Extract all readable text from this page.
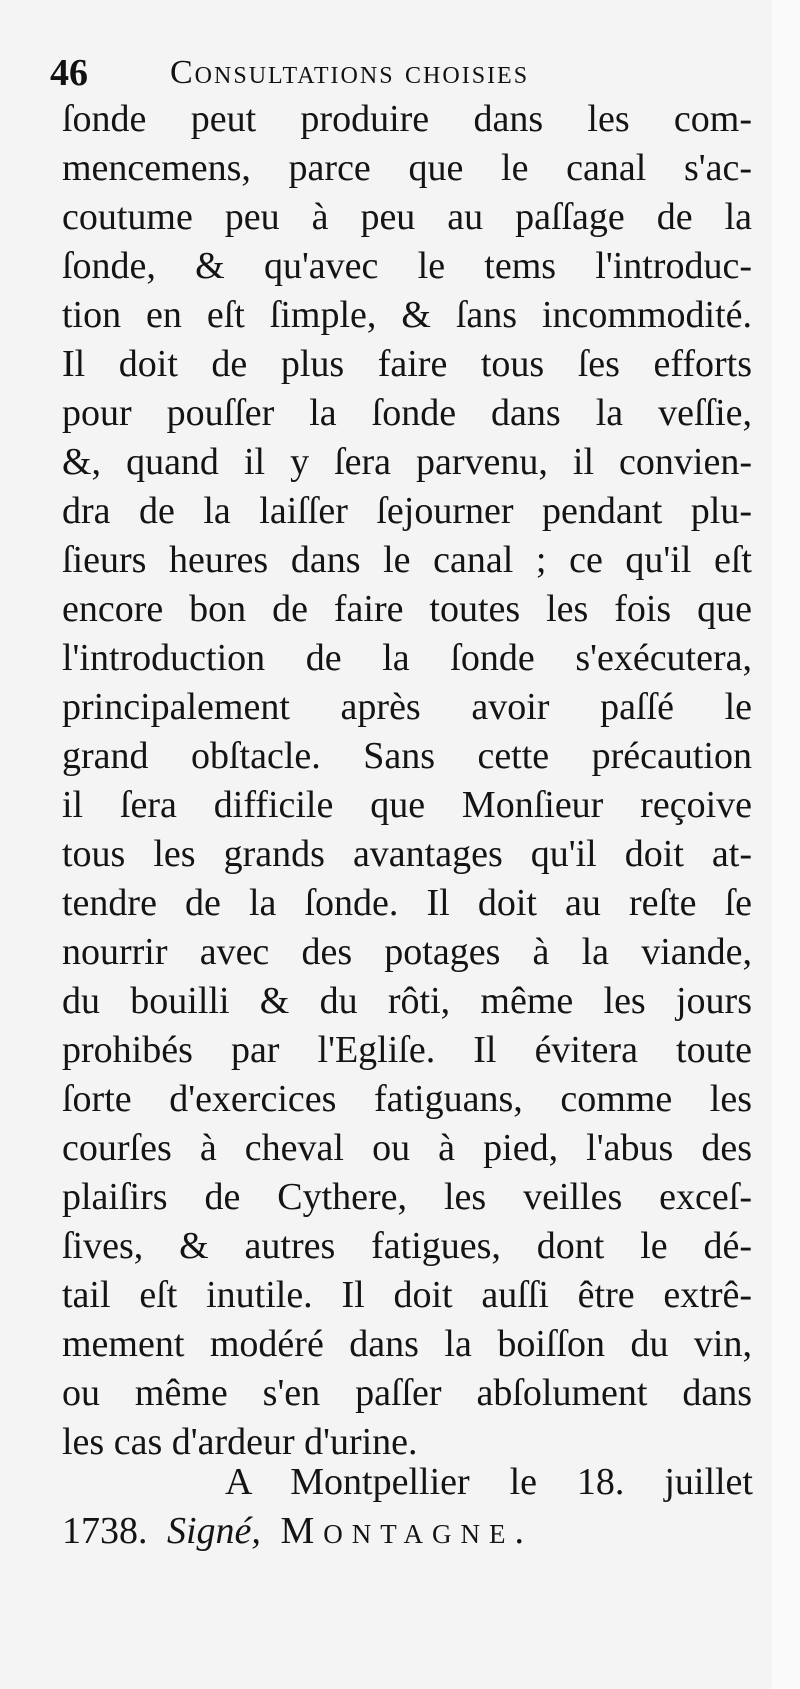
46 Consultations choisies
ſonde peut produire dans les com-
mencemens, parce que le canal s'ac-
coutume peu à peu au paſſage de la
ſonde, & qu'avec le tems l'introduc-
tion en eſt ſimple, & ſans incommodité.
Il doit de plus faire tous ſes efforts
pour pouſſer la ſonde dans la veſſie,
&, quand il y ſera parvenu, il convien-
dra de la laiſſer ſejourner pendant plu-
ſieurs heures dans le canal ; ce qu'il eſt
encore bon de faire toutes les fois que
l'introduction de la ſonde s'exécutera,
principalement après avoir paſſé le
grand obſtacle. Sans cette précaution
il ſera difficile que Monſieur reçoive
tous les grands avantages qu'il doit at-
tendre de la ſonde. Il doit au reſte ſe
nourrir avec des potages à la viande,
du bouilli & du rôti, même les jours
prohibés par l'Egliſe. Il évitera toute
ſorte d'exercices fatiguans, comme les
courſes à cheval ou à pied, l'abus des
plaiſirs de Cythere, les veilles exceſ-
ſives, & autres fatigues, dont le dé-
tail eſt inutile. Il doit auſſi être extrê-
mement modéré dans la boiſſon du vin,
ou même s'en paſſer abſolument dans
les cas d'ardeur d'urine.
A Montpellier le 18. juillet
1738. Signé, Montagne.
